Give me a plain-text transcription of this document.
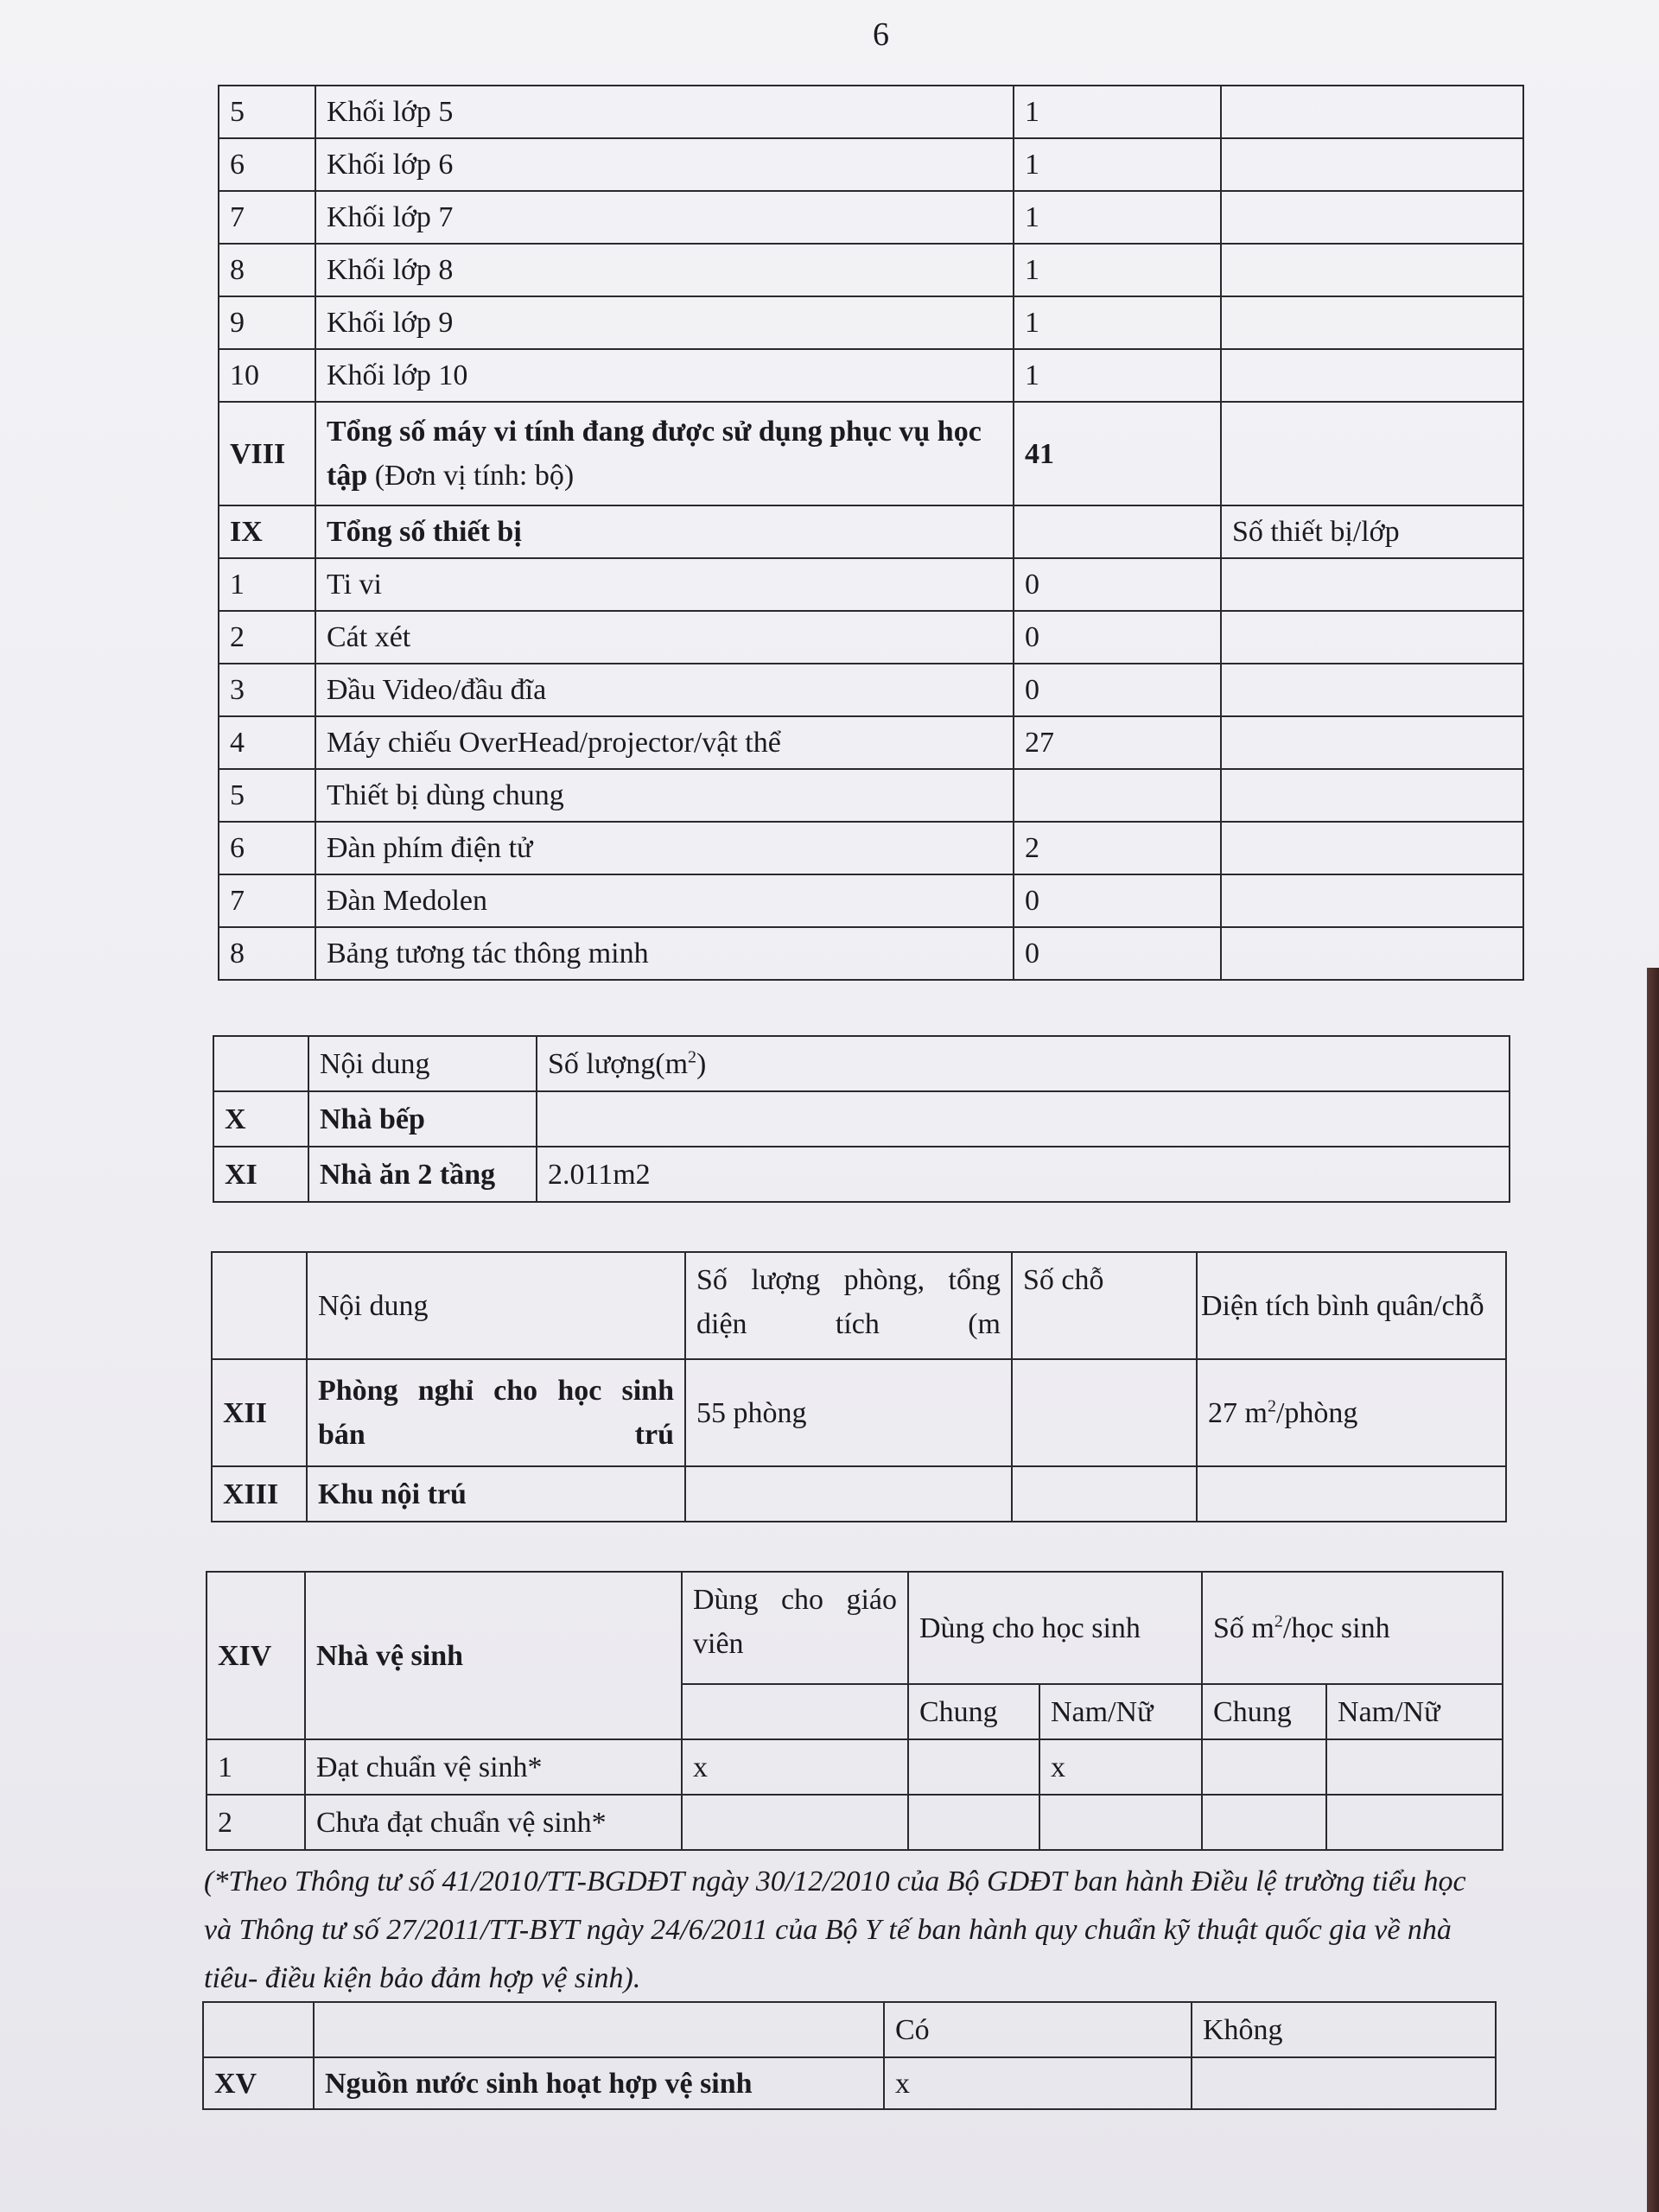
6
5	Khối lớp 5	1	
6	Khối lớp 6	1	
7	Khối lớp 7	1	
8	Khối lớp 8	1	
9	Khối lớp 9	1	
10	Khối lớp 10	1	
VIII	Tổng số máy vi tính đang được sử dụng phục vụ học tập (Đơn vị tính: bộ)	41	
IX	Tổng số thiết bị		Số thiết bị/lớp
1	Ti vi	0	
2	Cát xét	0	
3	Đầu Video/đầu đĩa	0	
4	Máy chiếu OverHead/projector/vật thể	27	
5	Thiết bị dùng chung		
6	Đàn phím điện tử	2	
7	Đàn Medolen	0	
8	Bảng tương tác thông minh	0	
	Nội dung	Số $lượng(m^2)$
X	Nhà bếp	
XI	Nhà ăn 2 tầng	2.011m2
	Nội dung	Số lượng phòng, tổng diện tích (m	Số chỗ	Diện tích bình quân/chỗ
XII	Phòng nghỉ cho học sinh bán trú	55 phòng		27 $m^2$/phòng
XIII	Khu nội trú			
XIV	Nhà vệ sinh	Dùng cho giáo viên	Dùng cho học sinh		Số $m^2$/học sinh	
			Chung	Nam/Nữ	Chung	Nam/Nữ
1	Đạt chuẩn vệ sinh*	x		x		
2	Chưa đạt chuẩn vệ sinh*					
(*Theo Thông tư số 41/2010/TT-BGDĐT ngày 30/12/2010 của Bộ GDĐT ban hành Điều lệ trường tiểu học và Thông tư số 27/2011/TT-BYT ngày 24/6/2011 của Bộ Y tế ban hành quy chuẩn kỹ thuật quốc gia về nhà tiêu- điều kiện bảo đảm hợp vệ sinh).
		Có	Không
XV	Nguồn nước sinh hoạt hợp vệ sinh	x	
